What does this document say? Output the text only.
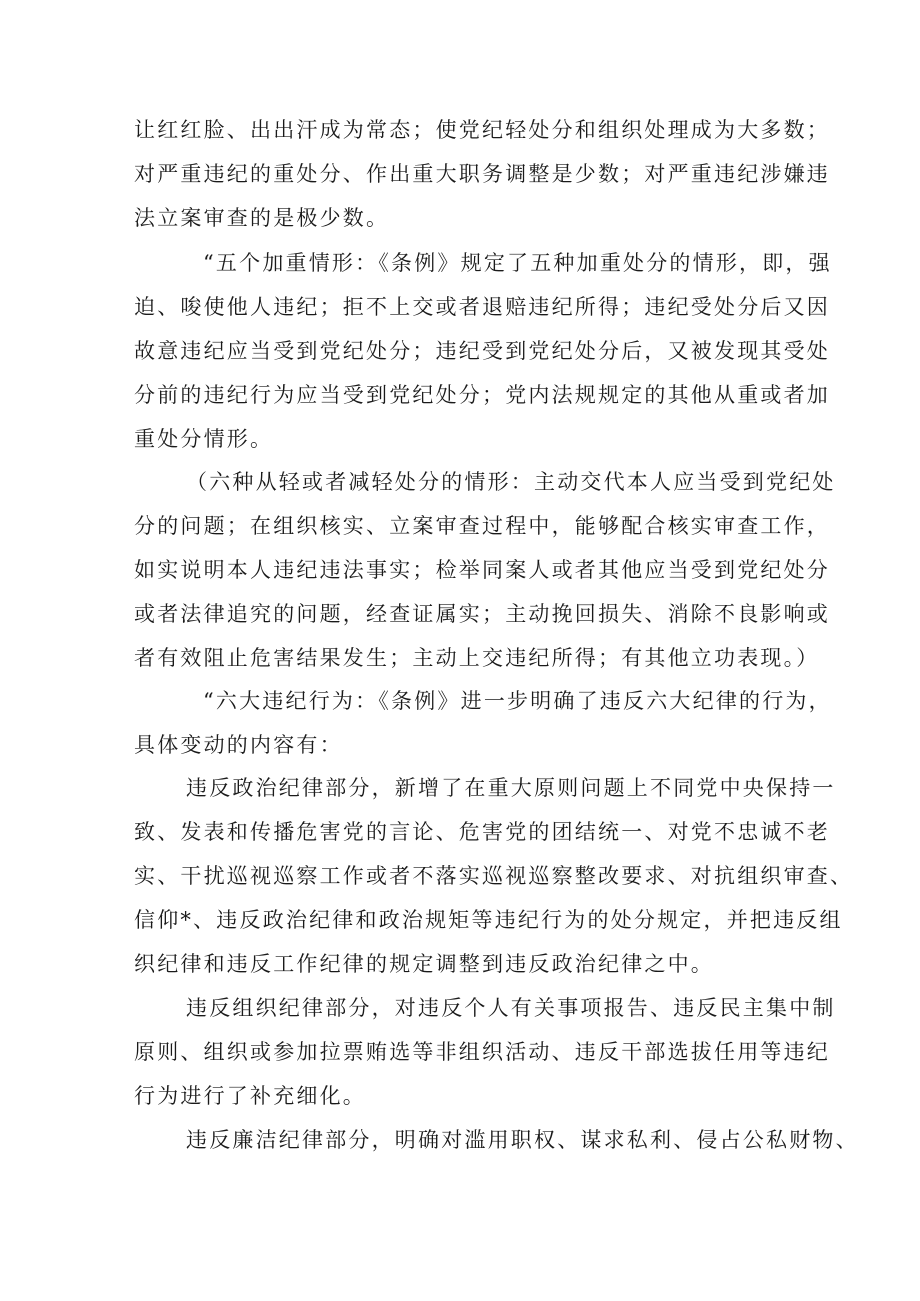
让红红脸、出出汗成为常态；使党纪轻处分和组织处理成为大多数；
对严重违纪的重处分、作出重大职务调整是少数；对严重违纪涉嫌违
法立案审查的是极少数。
“五个加重情形：《条例》规定了五种加重处分的情形，即，强
迫、唆使他人违纪；拒不上交或者退赔违纪所得；违纪受处分后又因
故意违纪应当受到党纪处分；违纪受到党纪处分后，又被发现其受处
分前的违纪行为应当受到党纪处分；党内法规规定的其他从重或者加
重处分情形。
（六种从轻或者减轻处分的情形：主动交代本人应当受到党纪处
分的问题；在组织核实、立案审查过程中，能够配合核实审查工作，
如实说明本人违纪违法事实；检举同案人或者其他应当受到党纪处分
或者法律追究的问题，经查证属实；主动挽回损失、消除不良影响或
者有效阻止危害结果发生；主动上交违纪所得；有其他立功表现。）
“六大违纪行为：《条例》进一步明确了违反六大纪律的行为，
具体变动的内容有：
违反政治纪律部分，新增了在重大原则问题上不同党中央保持一
致、发表和传播危害党的言论、危害党的团结统一、对党不忠诚不老
实、干扰巡视巡察工作或者不落实巡视巡察整改要求、对抗组织审查、
信仰*、违反政治纪律和政治规矩等违纪行为的处分规定，并把违反组
织纪律和违反工作纪律的规定调整到违反政治纪律之中。
违反组织纪律部分，对违反个人有关事项报告、违反民主集中制
原则、组织或参加拉票贿选等非组织活动、违反干部选拔任用等违纪
行为进行了补充细化。
违反廉洁纪律部分，明确对滥用职权、谋求私利、侵占公私财物、
